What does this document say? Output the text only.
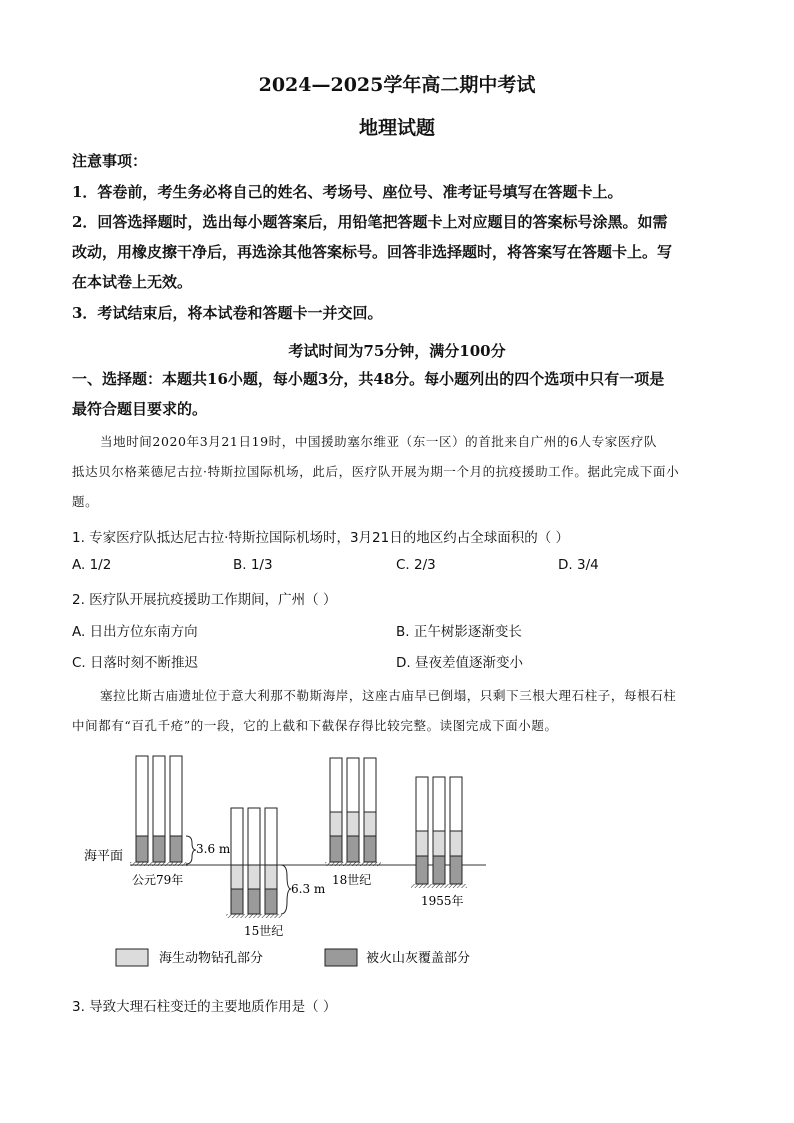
2024—2025学年高二期中考试
地理试题
注意事项：
1．答卷前，考生务必将自己的姓名、考场号、座位号、准考证号填写在答题卡上。
2．回答选择题时，选出每小题答案后，用铅笔把答题卡上对应题目的答案标号涂黑。如需
改动，用橡皮擦干净后，再选涂其他答案标号。回答非选择题时，将答案写在答题卡上。写
在本试卷上无效。
3．考试结束后，将本试卷和答题卡一并交回。
考试时间为75分钟，满分100分
一、选择题：本题共16小题，每小题3分，共48分。每小题列出的四个选项中只有一项是
最符合题目要求的。
当地时间2020年3月21日19时，中国援助塞尔维亚（东一区）的首批来自广州的6人专家医疗队
抵达贝尔格莱德尼古拉·特斯拉国际机场，此后，医疗队开展为期一个月的抗疫援助工作。据此完成下面小
题。
1. 专家医疗队抵达尼古拉·特斯拉国际机场时，3月21日的地区约占全球面积的（ ）
A. 1/2	B. 1/3	C. 2/3	D. 3/4
2. 医疗队开展抗疫援助工作期间，广州（ ）
A. 日出方位东南方向	B. 正午树影逐渐变长
C. 日落时刻不断推迟	D. 昼夜差值逐渐变小
塞拉比斯古庙遗址位于意大利那不勒斯海岸，这座古庙早已倒塌，只剩下三根大理石柱子，每根石柱
中间都有“百孔千疮”的一段，它的上截和下截保存得比较完整。读图完成下面小题。
海平面	3.6 m
公元79年
6.3 m
15世纪
18世纪
1955年
海生动物钻孔部分	被火山灰覆盖部分
3. 导致大理石柱变迁的主要地质作用是（ ）
